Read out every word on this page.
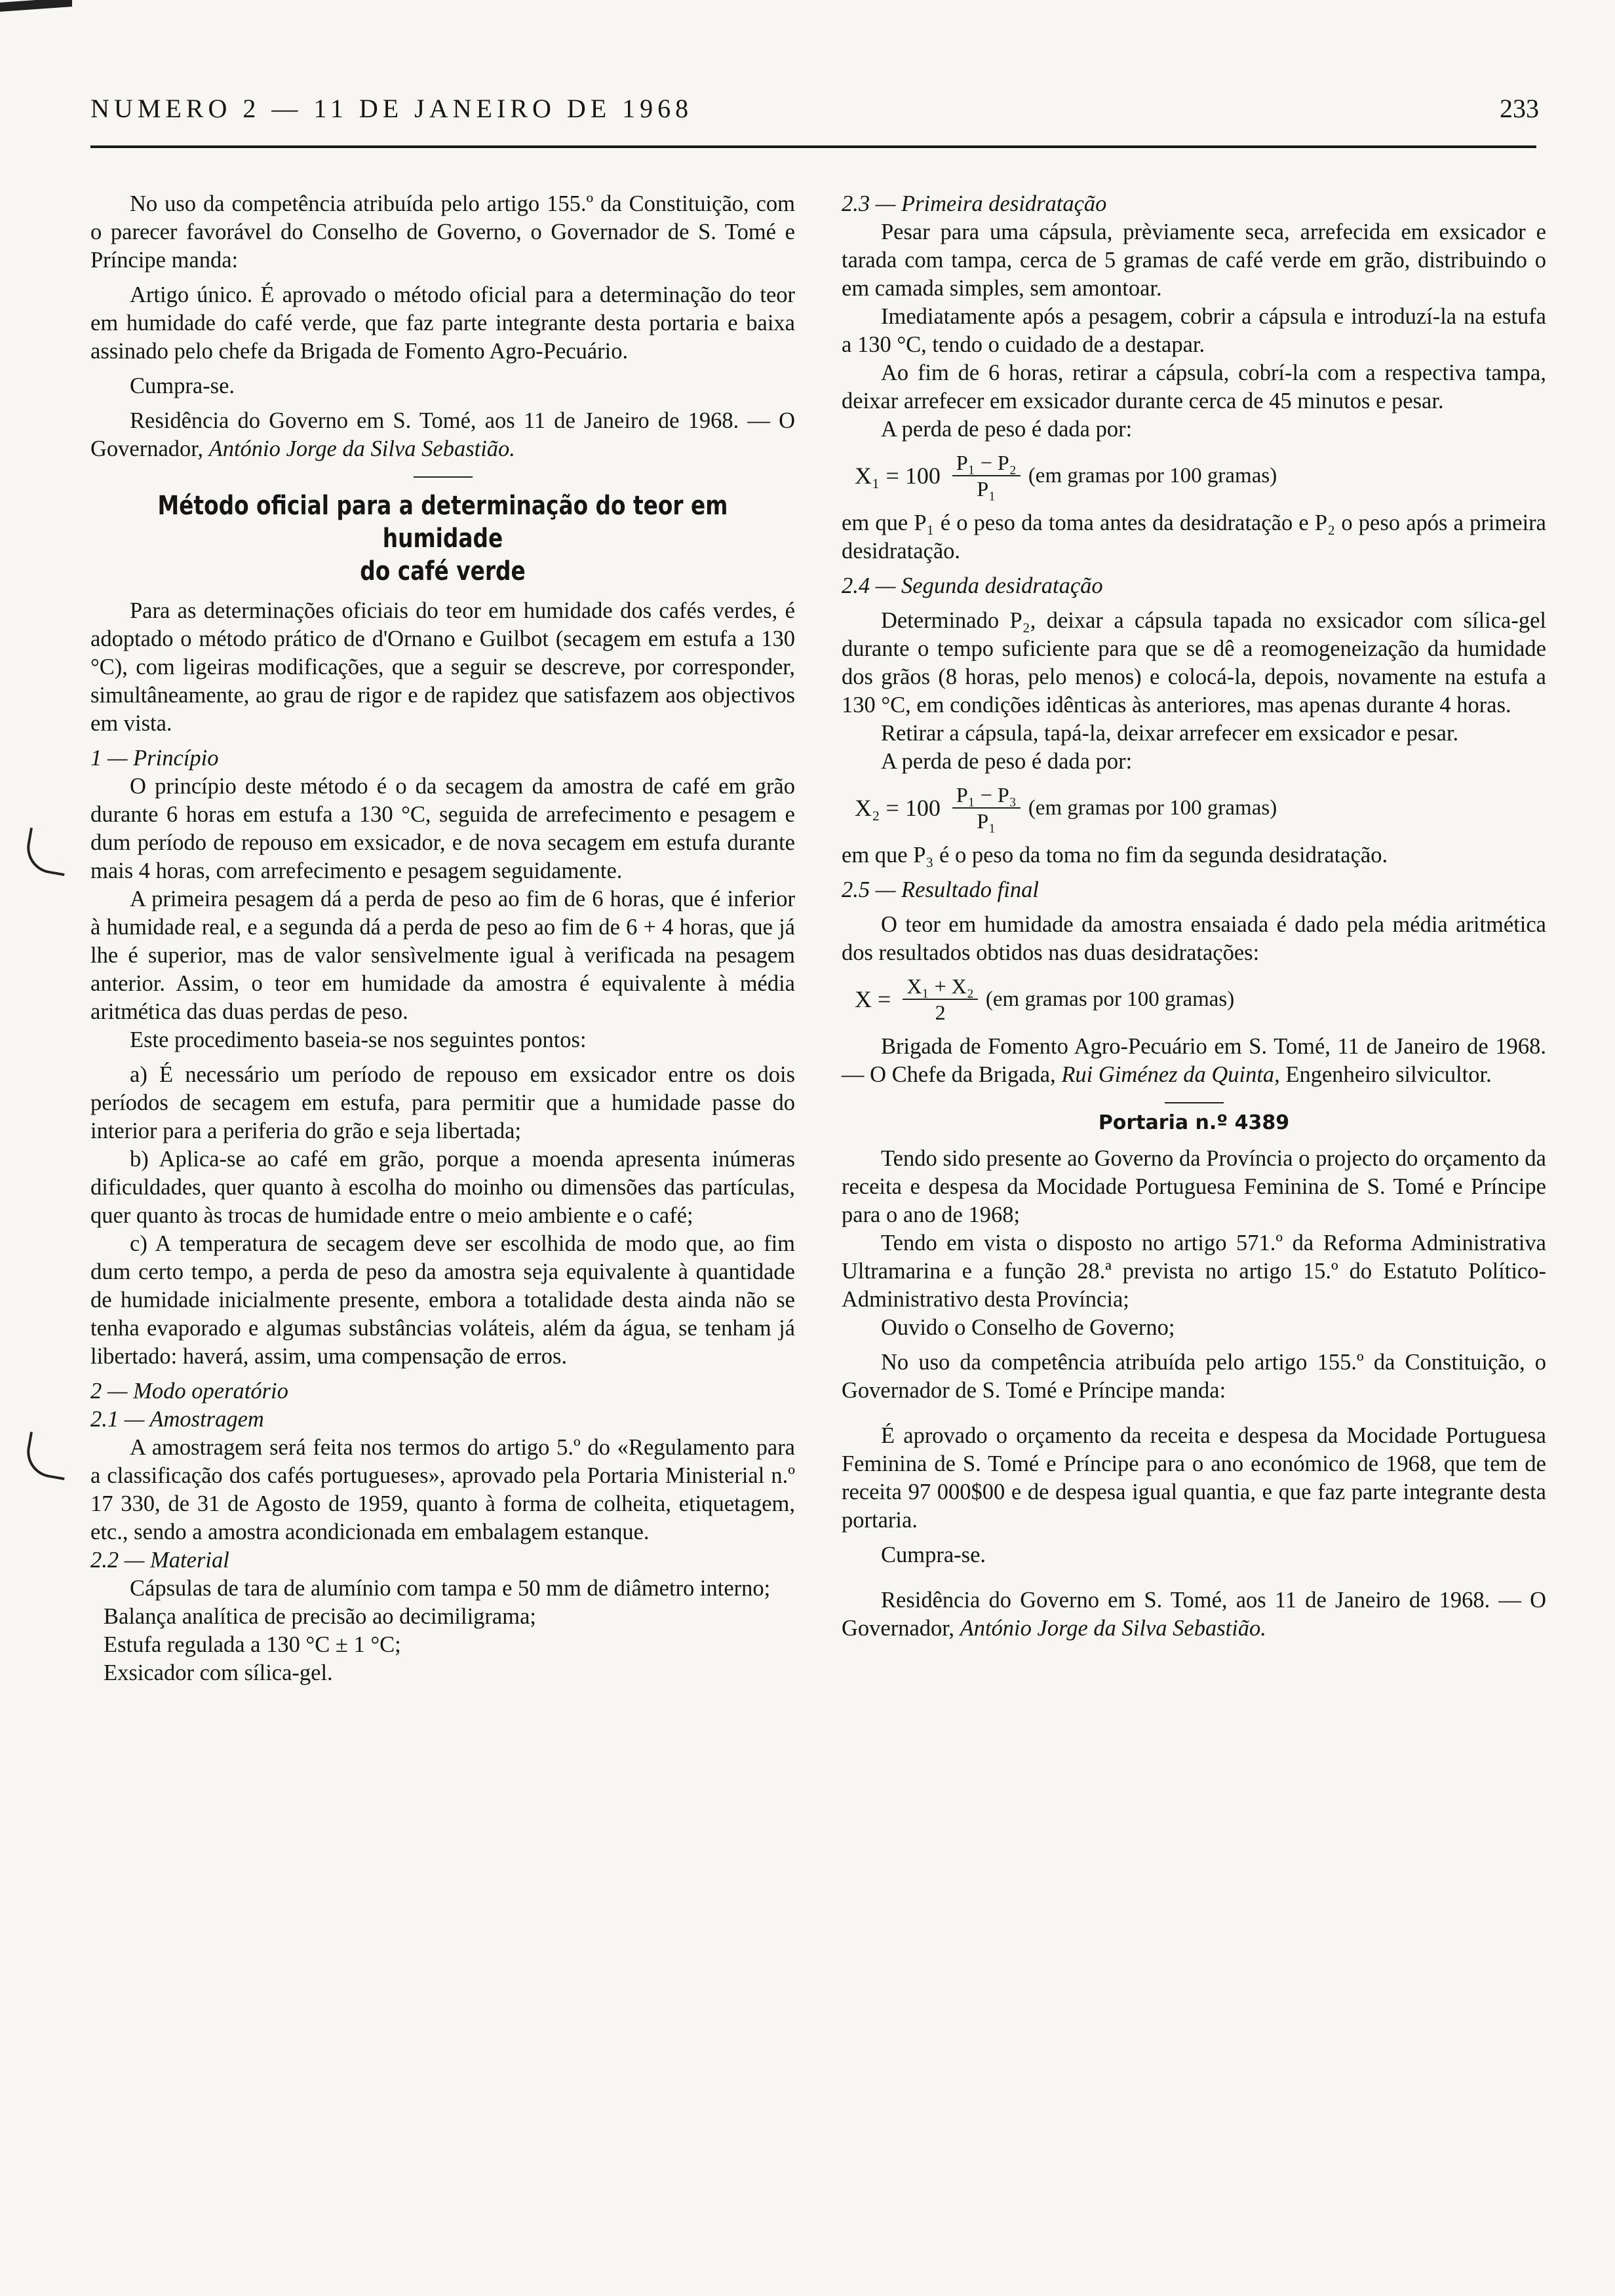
NUMERO 2 — 11 DE JANEIRO DE 1968	233

No uso da competência atribuída pelo artigo 155.º da Constituição, com o parecer favorável do Conselho de Governo, o Governador de S. Tomé e Príncipe manda:

Artigo único. É aprovado o método oficial para a determinação do teor em humidade do café verde, que faz parte integrante desta portaria e baixa assinado pelo chefe da Brigada de Fomento Agro-Pecuário.

Cumpra-se.

Residência do Governo em S. Tomé, aos 11 de Janeiro de 1968. — O Governador, António Jorge da Silva Sebastião.

Método oficial para a determinação do teor em humidade
do café verde

Para as determinações oficiais do teor em humidade dos cafés verdes, é adoptado o método prático de d'Ornano e Guilbot (secagem em estufa a 130 °C), com ligeiras modificações, que a seguir se descreve, por corresponder, simultâneamente, ao grau de rigor e de rapidez que satisfazem aos objectivos em vista.

1 — Princípio

O princípio deste método é o da secagem da amostra de café em grão durante 6 horas em estufa a 130 °C, seguida de arrefecimento e pesagem e dum período de repouso em exsicador, e de nova secagem em estufa durante mais 4 horas, com arrefecimento e pesagem seguidamente.

A primeira pesagem dá a perda de peso ao fim de 6 horas, que é inferior à humidade real, e a segunda dá a perda de peso ao fim de 6 + 4 horas, que já lhe é superior, mas de valor sensìvelmente igual à verificada na pesagem anterior. Assim, o teor em humidade da amostra é equivalente à média aritmética das duas perdas de peso.

Este procedimento baseia-se nos seguintes pontos:

a) É necessário um período de repouso em exsicador entre os dois períodos de secagem em estufa, para permitir que a humidade passe do interior para a periferia do grão e seja libertada;

b) Aplica-se ao café em grão, porque a moenda apresenta inúmeras dificuldades, quer quanto à escolha do moinho ou dimensões das partículas, quer quanto às trocas de humidade entre o meio ambiente e o café;

c) A temperatura de secagem deve ser escolhida de modo que, ao fim dum certo tempo, a perda de peso da amostra seja equivalente à quantidade de humidade inicialmente presente, embora a totalidade desta ainda não se tenha evaporado e algumas substâncias voláteis, além da água, se tenham já libertado: haverá, assim, uma compensação de erros.

2 — Modo operatório

2.1 — Amostragem

A amostragem será feita nos termos do artigo 5.º do «Regulamento para a classificação dos cafés portugueses», aprovado pela Portaria Ministerial n.º 17 330, de 31 de Agosto de 1959, quanto à forma de colheita, etiquetagem, etc., sendo a amostra acondicionada em embalagem estanque.

2.2 — Material

Cápsulas de tara de alumínio com tampa e 50 mm de diâmetro interno;

Balança analítica de precisão ao decimiligrama;

Estufa regulada a 130 °C ± 1 °C;

Exsicador com sílica-gel.

2.3 — Primeira desidratação

Pesar para uma cápsula, prèviamente seca, arrefecida em exsicador e tarada com tampa, cerca de 5 gramas de café verde em grão, distribuindo o em camada simples, sem amontoar.

Imediatamente após a pesagem, cobrir a cápsula e introduzí-la na estufa a 130 °C, tendo o cuidado de a destapar.

Ao fim de 6 horas, retirar a cápsula, cobrí-la com a respectiva tampa, deixar arrefecer em exsicador durante cerca de 45 minutos e pesar.

A perda de peso é dada por:

$X_1 = 100 \frac{\text{P₁ − P₂}}{\text{P₁}} (em$ gramas por 100 gramas)

em que P₁ é o peso da toma antes da desidratação e P₂ o peso após a primeira desidratação.

2.4 — Segunda desidratação

Determinado P₂, deixar a cápsula tapada no exsicador com sílica-gel durante o tempo suficiente para que se dê a reomogeneização da humidade dos grãos (8 horas, pelo menos) e colocá-la, depois, novamente na estufa a 130 °C, em condições idênticas às anteriores, mas apenas durante 4 horas.

Retirar a cápsula, tapá-la, deixar arrefecer em exsicador e pesar.

A perda de peso é dada por:

$X_2 = 100 \frac{\text{P₁ − P₃}}{\text{P₁}} (em$ gramas por 100 gramas)

em que P₃ é o peso da toma no fim da segunda desidratação.

2.5 — Resultado final

O teor em humidade da amostra ensaiada é dado pela média aritmética dos resultados obtidos nas duas desidratações:

$X = \frac{\text{X₁ + X₂}}{2} (em$ gramas por 100 gramas)

Brigada de Fomento Agro-Pecuário em S. Tomé, 11 de Janeiro de 1968. — O Chefe da Brigada, Rui Giménez da Quinta, Engenheiro silvicultor.

Portaria n.º 4389

Tendo sido presente ao Governo da Província o projecto do orçamento da receita e despesa da Mocidade Portuguesa Feminina de S. Tomé e Príncipe para o ano de 1968;

Tendo em vista o disposto no artigo 571.º da Reforma Administrativa Ultramarina e a função 28.ª prevista no artigo 15.º do Estatuto Político-Administrativo desta Província;

Ouvido o Conselho de Governo;

No uso da competência atribuída pelo artigo 155.º da Constituição, o Governador de S. Tomé e Príncipe manda:

É aprovado o orçamento da receita e despesa da Mocidade Portuguesa Feminina de S. Tomé e Príncipe para o ano económico de 1968, que tem de receita 97 000$00 e de despesa igual quantia, e que faz parte integrante desta portaria.

Cumpra-se.

Residência do Governo em S. Tomé, aos 11 de Janeiro de 1968. — O Governador, António Jorge da Silva Sebastião.
